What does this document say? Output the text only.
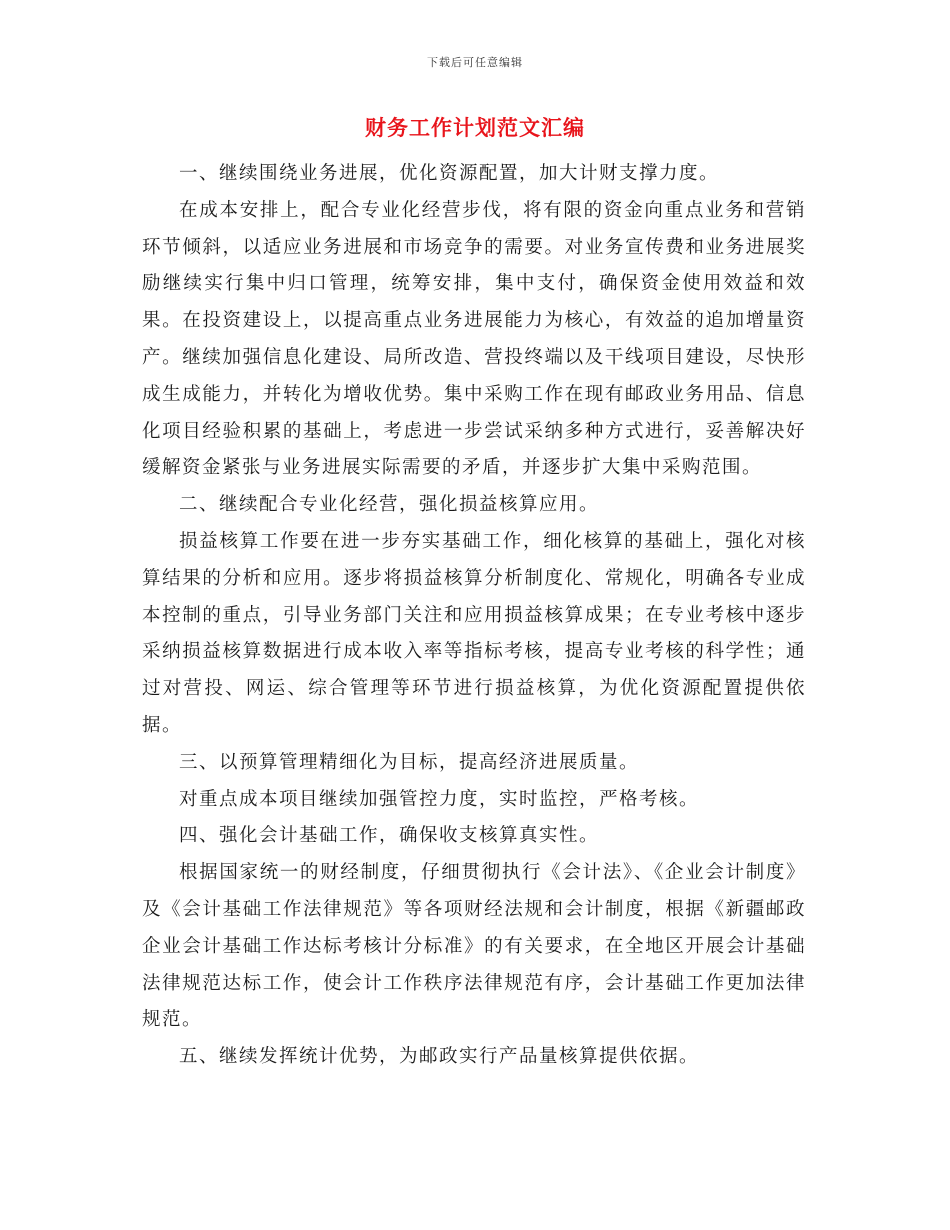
下载后可任意编辑
财务工作计划范文汇编

一、继续围绕业务进展，优化资源配置，加大计财支撑力度。

在成本安排上，配合专业化经营步伐，将有限的资金向重点业务和营销环节倾斜，以适应业务进展和市场竞争的需要。对业务宣传费和业务进展奖励继续实行集中归口管理，统筹安排，集中支付，确保资金使用效益和效果。在投资建设上，以提高重点业务进展能力为核心，有效益的追加增量资产。继续加强信息化建设、局所改造、营投终端以及干线项目建设，尽快形成生成能力，并转化为增收优势。集中采购工作在现有邮政业务用品、信息化项目经验积累的基础上，考虑进一步尝试采纳多种方式进行，妥善解决好缓解资金紧张与业务进展实际需要的矛盾，并逐步扩大集中采购范围。

二、继续配合专业化经营，强化损益核算应用。

损益核算工作要在进一步夯实基础工作，细化核算的基础上，强化对核算结果的分析和应用。逐步将损益核算分析制度化、常规化，明确各专业成本控制的重点，引导业务部门关注和应用损益核算成果；在专业考核中逐步采纳损益核算数据进行成本收入率等指标考核，提高专业考核的科学性；通过对营投、网运、综合管理等环节进行损益核算，为优化资源配置提供依据。

三、以预算管理精细化为目标，提高经济进展质量。

对重点成本项目继续加强管控力度，实时监控，严格考核。

四、强化会计基础工作，确保收支核算真实性。

根据国家统一的财经制度，仔细贯彻执行《会计法》、《企业会计制度》及《会计基础工作法律规范》等各项财经法规和会计制度，根据《新疆邮政企业会计基础工作达标考核计分标准》的有关要求，在全地区开展会计基础法律规范达标工作，使会计工作秩序法律规范有序，会计基础工作更加法律规范。

五、继续发挥统计优势，为邮政实行产品量核算提供依据。
